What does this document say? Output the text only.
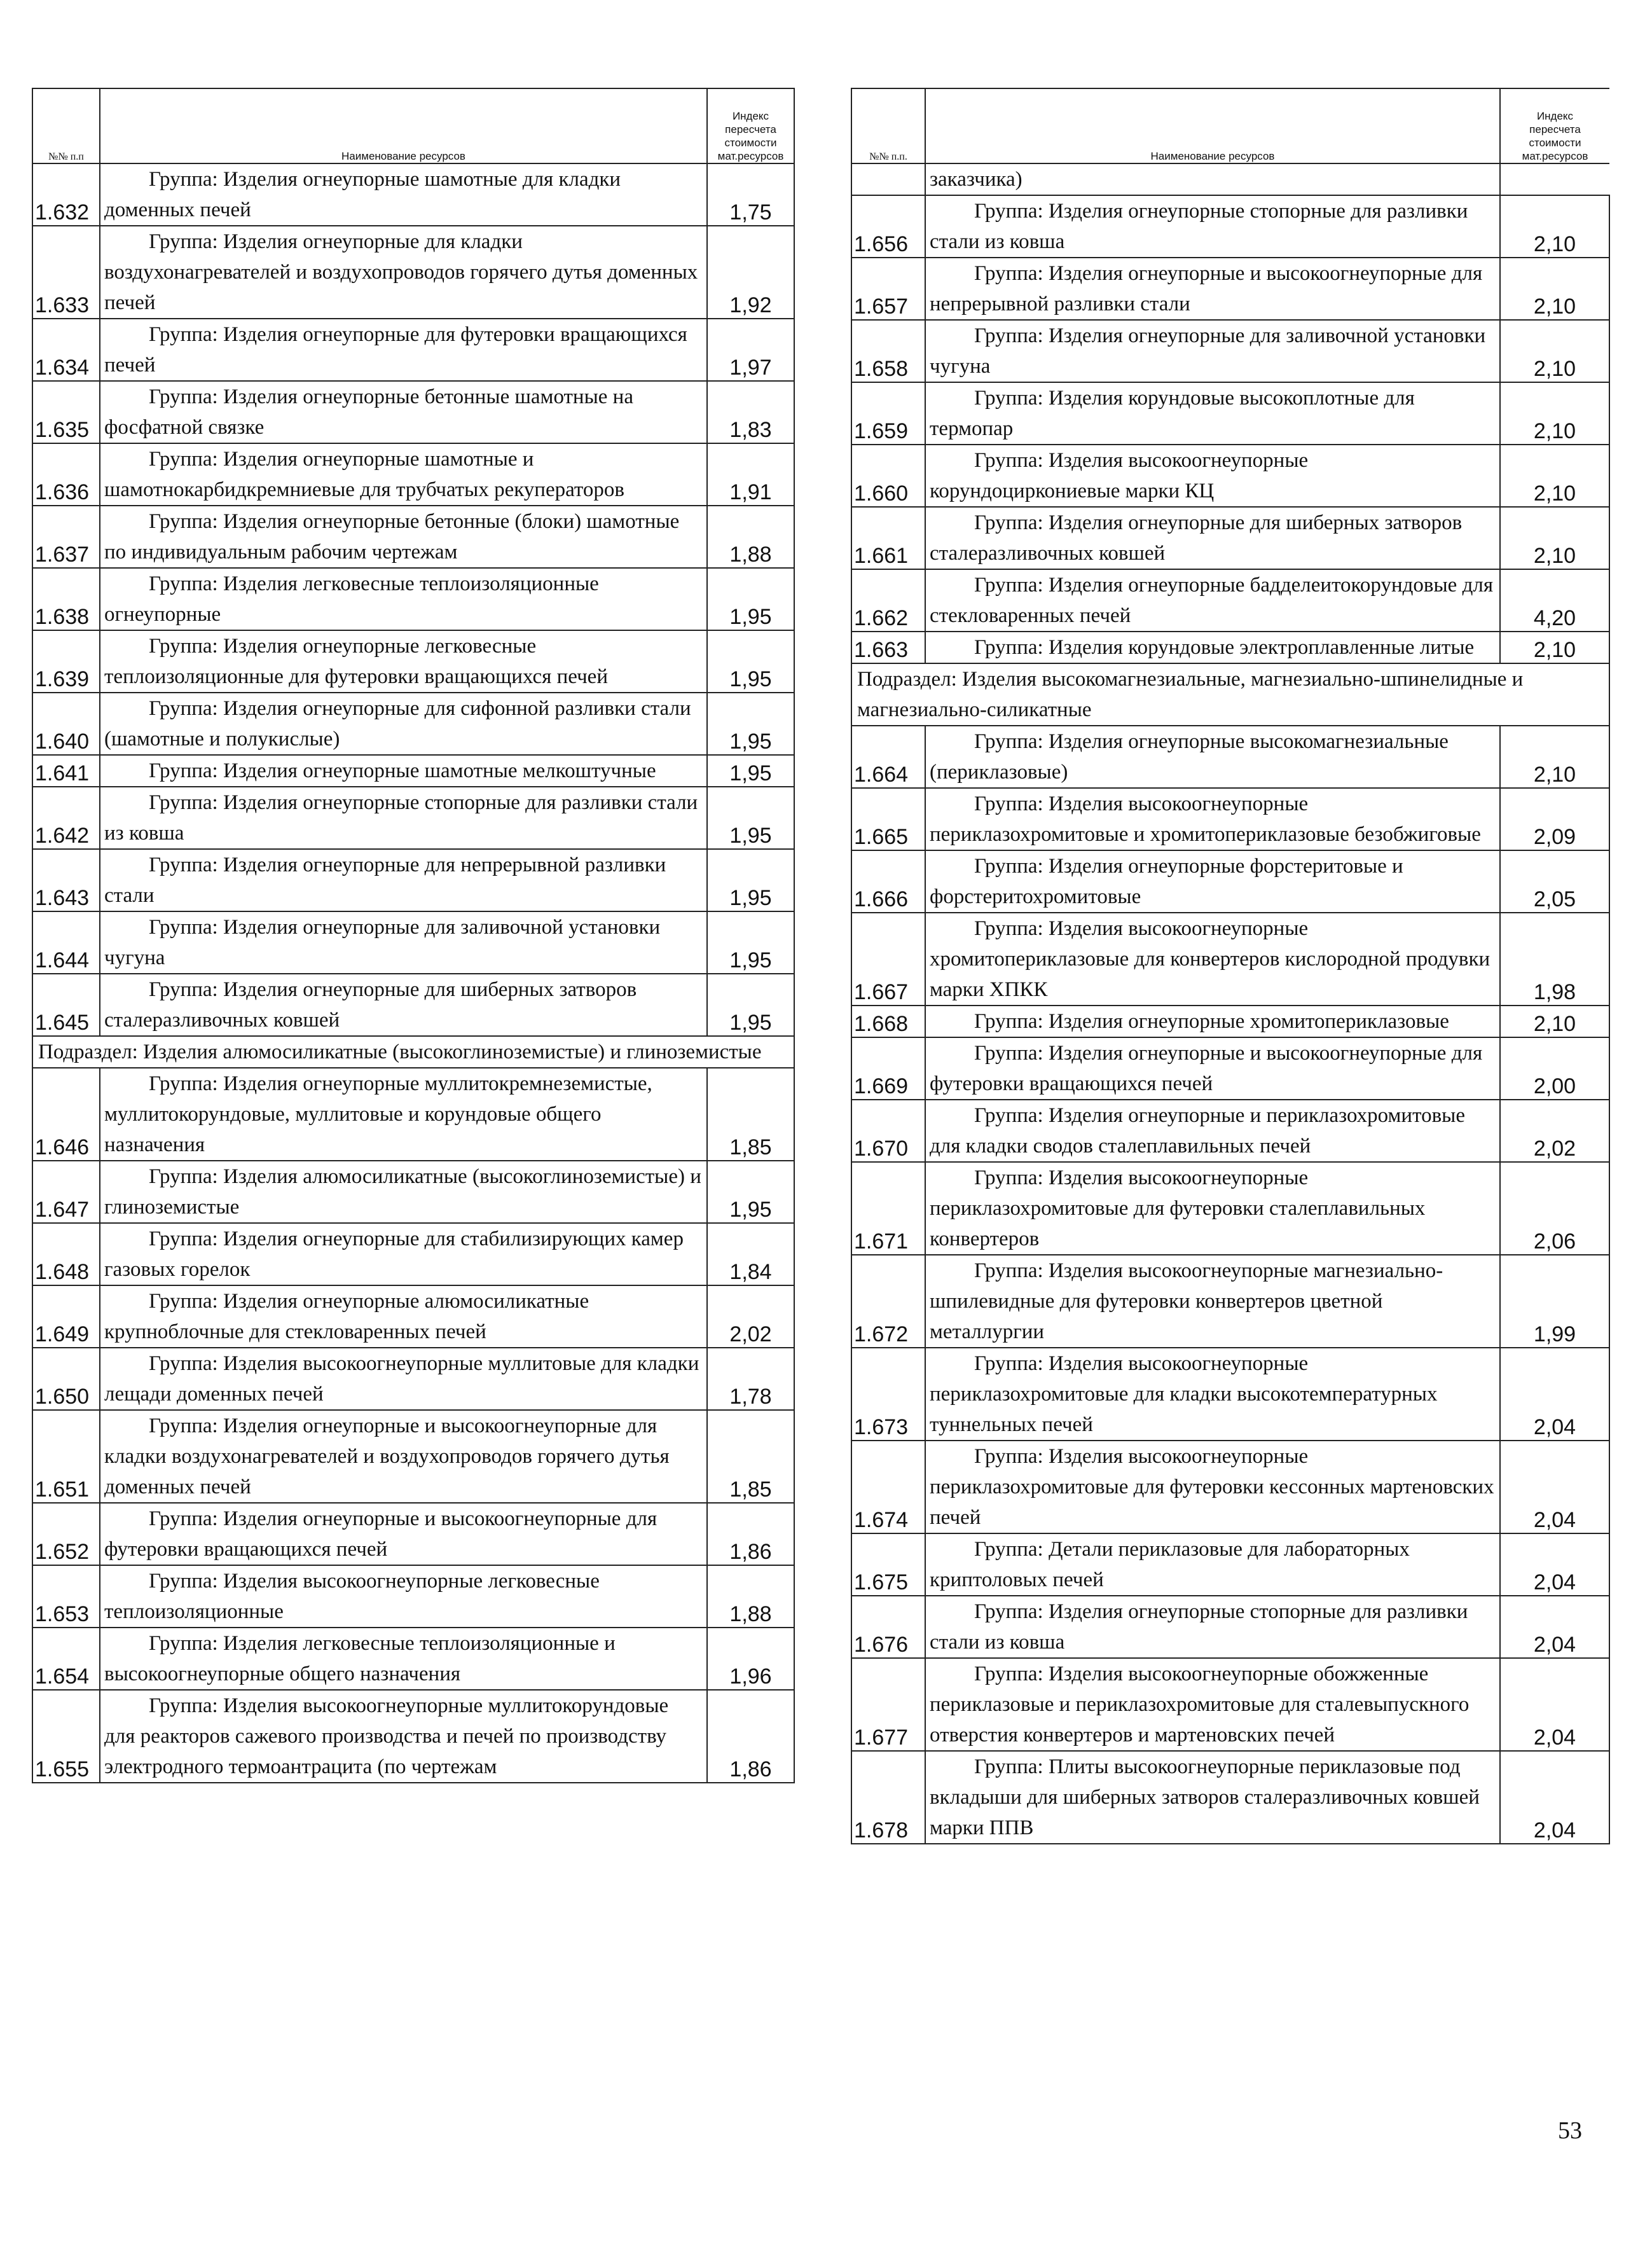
№№ п.п	Наименование ресурсов	Индекс
пересчета
стоимости
мат.ресурсов
1.632	Группа: Изделия огнеупорные шамотные для кладки доменных печей	1,75
1.633	Группа: Изделия огнеупорные для кладки воздухонагревателей и воздухопроводов горячего дутья доменных печей	1,92
1.634	Группа: Изделия огнеупорные для футеровки вращающихся печей	1,97
1.635	Группа: Изделия огнеупорные бетонные шамотные на фосфатной связке	1,83
1.636	Группа: Изделия огнеупорные шамотные и шамотнокарбидкремниевые для трубчатых рекуператоров	1,91
1.637	Группа: Изделия огнеупорные бетонные (блоки) шамотные по индивидуальным рабочим чертежам	1,88
1.638	Группа: Изделия легковесные теплоизоляционные огнеупорные	1,95
1.639	Группа: Изделия огнеупорные легковесные теплоизоляционные для футеровки вращающихся печей	1,95
1.640	Группа: Изделия огнеупорные для сифонной разливки стали (шамотные и полукислые)	1,95
1.641	Группа: Изделия огнеупорные шамотные мелкоштучные	1,95
1.642	Группа: Изделия огнеупорные стопорные для разливки стали из ковша	1,95
1.643	Группа: Изделия огнеупорные для непрерывной разливки стали	1,95
1.644	Группа: Изделия огнеупорные для заливочной установки чугуна	1,95
1.645	Группа: Изделия огнеупорные для шиберных затворов сталеразливочных ковшей	1,95
Подраздел: Изделия алюмосиликатные (высокоглиноземистые) и глиноземистые		
1.646	Группа: Изделия огнеупорные муллитокремнеземистые, муллитокорундовые, муллитовые и корундовые общего назначения	1,85
1.647	Группа: Изделия алюмосиликатные (высокоглиноземистые) и глиноземистые	1,95
1.648	Группа: Изделия огнеупорные для стабилизирующих камер газовых горелок	1,84
1.649	Группа: Изделия огнеупорные алюмосиликатные крупноблочные для стекловаренных печей	2,02
1.650	Группа: Изделия высокоогнеупорные муллитовые для кладки лещади доменных печей	1,78
1.651	Группа: Изделия огнеупорные и высокоогнеупорные для кладки воздухонагревателей и воздухопроводов горячего дутья доменных печей	1,85
1.652	Группа: Изделия огнеупорные и высокоогнеупорные для футеровки вращающихся печей	1,86
1.653	Группа: Изделия высокоогнеупорные легковесные теплоизоляционные	1,88
1.654	Группа: Изделия легковесные теплоизоляционные и высокоогнеупорные общего назначения	1,96
1.655	Группа: Изделия высокоогнеупорные муллитокорундовые для реакторов сажевого производства и печей по производству электродного термоантрацита (по чертежам	1,86
№№ п.п.	Наименование ресурсов	Индекс
пересчета
стоимости
мат.ресурсов
	заказчика)	
1.656	Группа: Изделия огнеупорные стопорные для разливки стали из ковша	2,10
1.657	Группа: Изделия огнеупорные и высокоогнеупорные для непрерывной разливки стали	2,10
1.658	Группа: Изделия огнеупорные для заливочной установки чугуна	2,10
1.659	Группа: Изделия корундовые высокоплотные для термопар	2,10
1.660	Группа: Изделия высокоогнеупорные корундоциркониевые марки КЦ	2,10
1.661	Группа: Изделия огнеупорные для шиберных затворов сталеразливочных ковшей	2,10
1.662	Группа: Изделия огнеупорные бадделеитокорундовые для стекловаренных печей	4,20
1.663	Группа: Изделия корундовые электроплавленные литые	2,10
Подраздел: Изделия высокомагнезиальные, магнезиально-шпинелидные и магнезиально-силикатные		
1.664	Группа: Изделия огнеупорные высокомагнезиальные (периклазовые)	2,10
1.665	Группа: Изделия высокоогнеупорные периклазохромитовые и хромитопериклазовые безобжиговые	2,09
1.666	Группа: Изделия огнеупорные форстеритовые и форстеритохромитовые	2,05
1.667	Группа: Изделия высокоогнеупорные хромитопериклазовые для конвертеров кислородной продувки марки ХПКК	1,98
1.668	Группа: Изделия огнеупорные хромитопериклазовые	2,10
1.669	Группа: Изделия огнеупорные и высокоогнеупорные для футеровки вращающихся печей	2,00
1.670	Группа: Изделия огнеупорные и периклазохромитовые для кладки сводов сталеплавильных печей	2,02
1.671	Группа: Изделия высокоогнеупорные периклазохромитовые для футеровки сталеплавильных конвертеров	2,06
1.672	Группа: Изделия высокоогнеупорные магнезиально-шпилевидные для футеровки конвертеров цветной металлургии	1,99
1.673	Группа: Изделия высокоогнеупорные периклазохромитовые для кладки высокотемпературных туннельных печей	2,04
1.674	Группа: Изделия высокоогнеупорные периклазохромитовые для футеровки кессонных мартеновских печей	2,04
1.675	Группа: Детали периклазовые для лабораторных криптоловых печей	2,04
1.676	Группа: Изделия огнеупорные стопорные для разливки стали из ковша	2,04
1.677	Группа: Изделия высокоогнеупорные обожженные периклазовые и периклазохромитовые для сталевыпускного отверстия конвертеров и мартеновских печей	2,04
1.678	Группа: Плиты высокоогнеупорные периклазовые под вкладыши для шиберных затворов сталеразливочных ковшей марки ППВ	2,04
53
